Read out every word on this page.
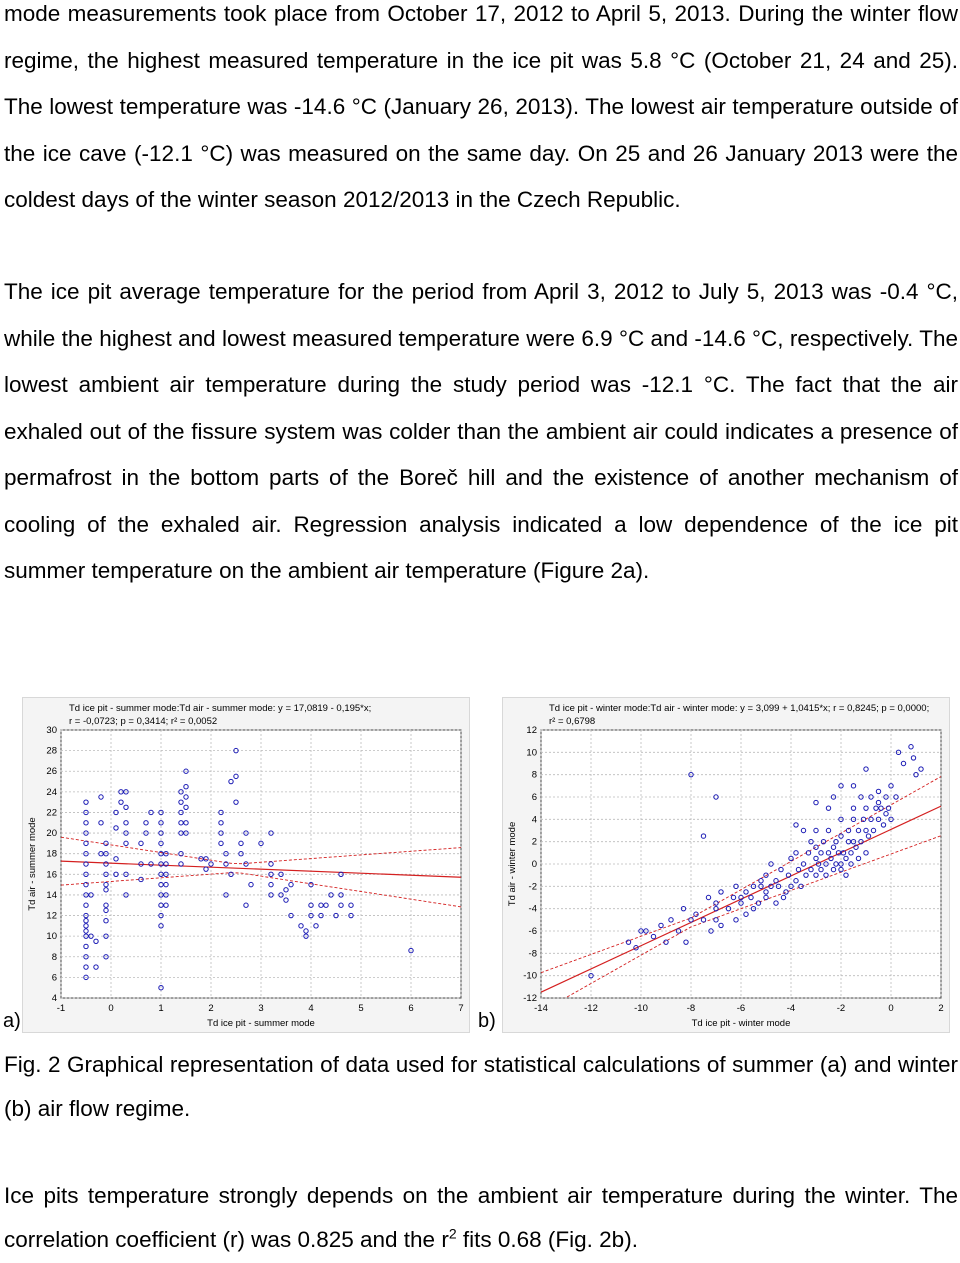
mode measurements took place from October 17, 2012 to April 5, 2013. During the winter flow regime, the highest measured temperature in the ice pit was 5.8 °C (October 21, 24 and 25). The lowest temperature was -14.6 °C (January 26, 2013). The lowest air temperature outside of the ice cave (-12.1 °C) was measured on the same day. On 25 and 26 January 2013 were the coldest days of the winter season 2012/2013 in the Czech Republic.
The ice pit average temperature for the period from April 3, 2012 to July 5, 2013 was -0.4 °C, while the highest and lowest measured temperature were 6.9 °C and -14.6 °C, respectively. The lowest ambient air temperature during the study period was -12.1 °C. The fact that the air exhaled out of the fissure system was colder than the ambient air could indicates a presence of permafrost in the bottom parts of the Boreč hill and the existence of another mechanism of cooling of the exhaled air. Regression analysis indicated a low dependence of the ice pit summer temperature on the ambient air temperature (Figure 2a).
-1	0	1	2	3	4	5	6	7
4
6
8
10
12
14
16
18
20
22
24
26
28
30
Td ice pit - summer mode:Td air - summer mode: y = 17,0819 - 0,195*x;
r = -0,0723; p = 0,3414; r² = 0,0052
Td ice pit - summer mode
Td air - summer mode
-14	-12	-10	-8	-6	-4	-2	0	2
-12
-10
-8
-6
-4
-2
0
2
4
6
8
10
12
Td ice pit - winter mode:Td air - winter mode: y = 3,099 + 1,0415*x; r = 0,8245; p = 0,0000;
r² = 0,6798
Td ice pit - winter mode
Td air - winter mode
a)	b)
Fig. 2 Graphical representation of data used for statistical calculations of summer (a) and winter (b) air flow regime.
Ice pits temperature strongly depends on the ambient air temperature during the winter. The correlation coefficient (r) was 0.825 and the $r^2$ fits 0.68 (Fig. 2b).
